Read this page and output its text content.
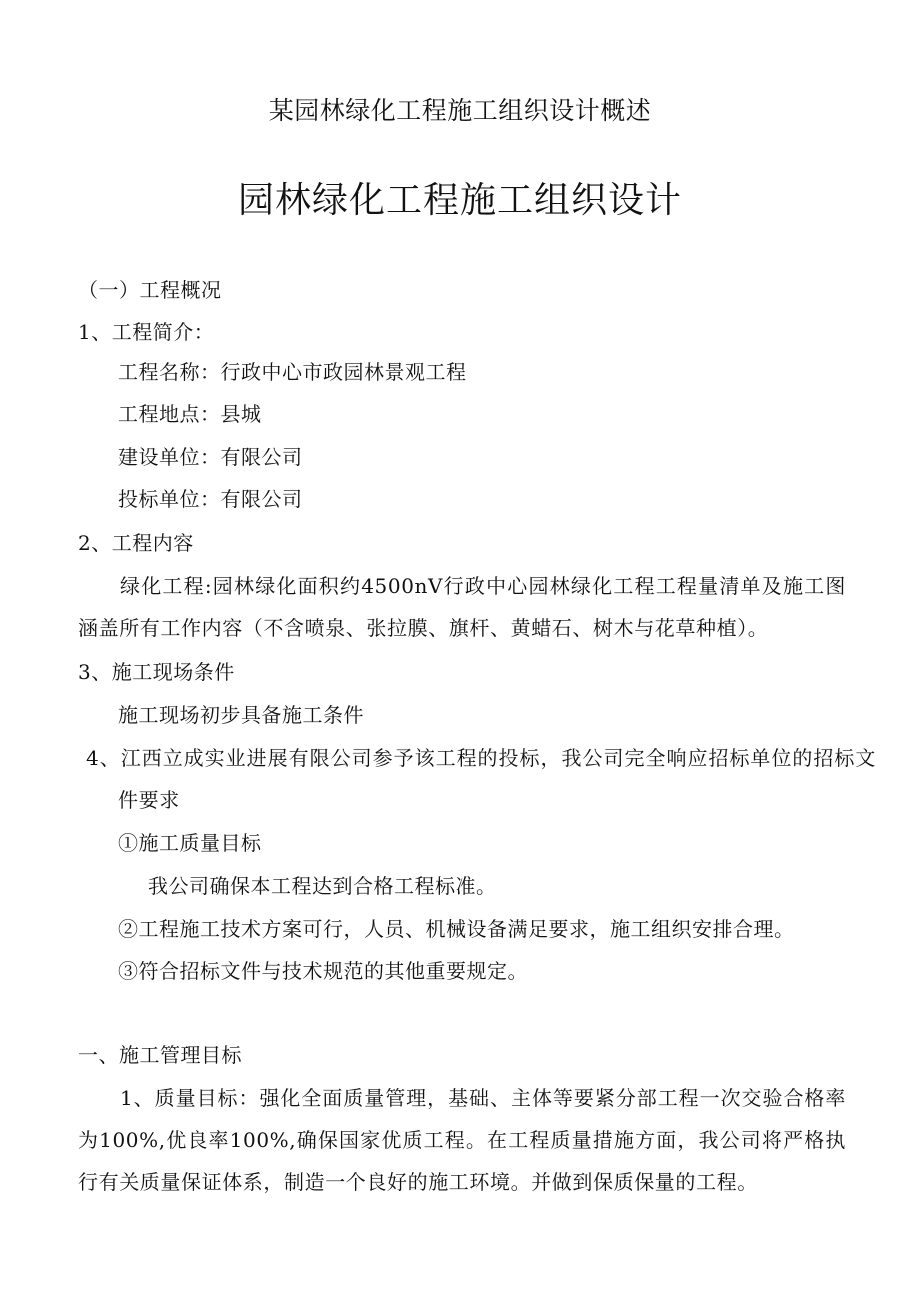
某园林绿化工程施工组织设计概述
园林绿化工程施工组织设计
（一）工程概况
1、工程简介：
工程名称：行政中心市政园林景观工程
工程地点：县城
建设单位：有限公司
投标单位：有限公司
2、工程内容
绿化工程:园林绿化面积约4500nV行政中心园林绿化工程工程量清单及施工图涵盖所有工作内容（不含喷泉、张拉膜、旗杆、黄蜡石、树木与花草种植）。
3、施工现场条件
施工现场初步具备施工条件
4、江西立成实业进展有限公司参予该工程的投标，我公司完全响应招标单位的招标文件要求
①施工质量目标
我公司确保本工程达到合格工程标准。
②工程施工技术方案可行，人员、机械设备满足要求，施工组织安排合理。
③符合招标文件与技术规范的其他重要规定。
一、施工管理目标
1、质量目标：强化全面质量管理，基础、主体等要紧分部工程一次交验合格率为100%,优良率100%,确保国家优质工程。在工程质量措施方面，我公司将严格执行有关质量保证体系，制造一个良好的施工环境。并做到保质保量的工程。
